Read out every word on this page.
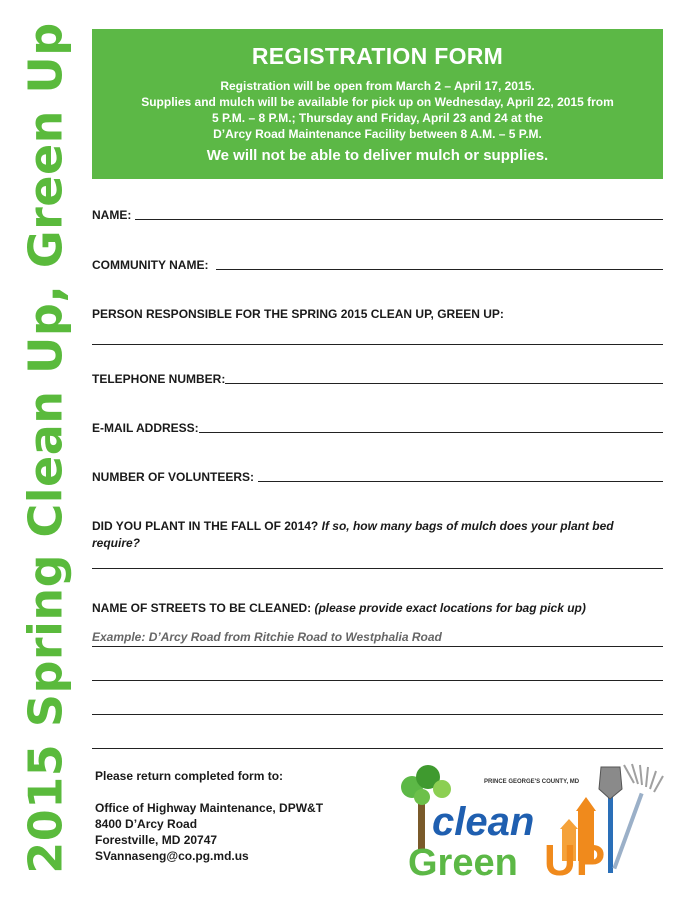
2015 Spring Clean Up, Green Up	REGISTRATION FORM
Registration will be open from March 2 – April 17, 2015.
Supplies and mulch will be available for pick up on Wednesday, April 22, 2015 from
5 P.M. – 8 P.M.; Thursday and Friday, April 23 and 24 at the
D’Arcy Road Maintenance Facility between 8 A.M. – 5 P.M.
We will not be able to deliver mulch or supplies.
NAME:
COMMUNITY NAME:
PERSON RESPONSIBLE FOR THE SPRING 2015 CLEAN UP, GREEN UP:
TELEPHONE NUMBER:
E-MAIL ADDRESS:
NUMBER OF VOLUNTEERS:
DID YOU PLANT IN THE FALL OF 2014? If so, how many bags of mulch does your plant bed require?
NAME OF STREETS TO BE CLEANED: (please provide exact locations for bag pick up)
Example: D’Arcy Road from Ritchie Road to Westphalia Road
Please return completed form to:
Office of Highway Maintenance, DPW&T
8400 D’Arcy Road
Forestville, MD 20747
SVannaseng@co.pg.md.us
PRINCE GEORGE'S COUNTY, MD
clean
Green UP
